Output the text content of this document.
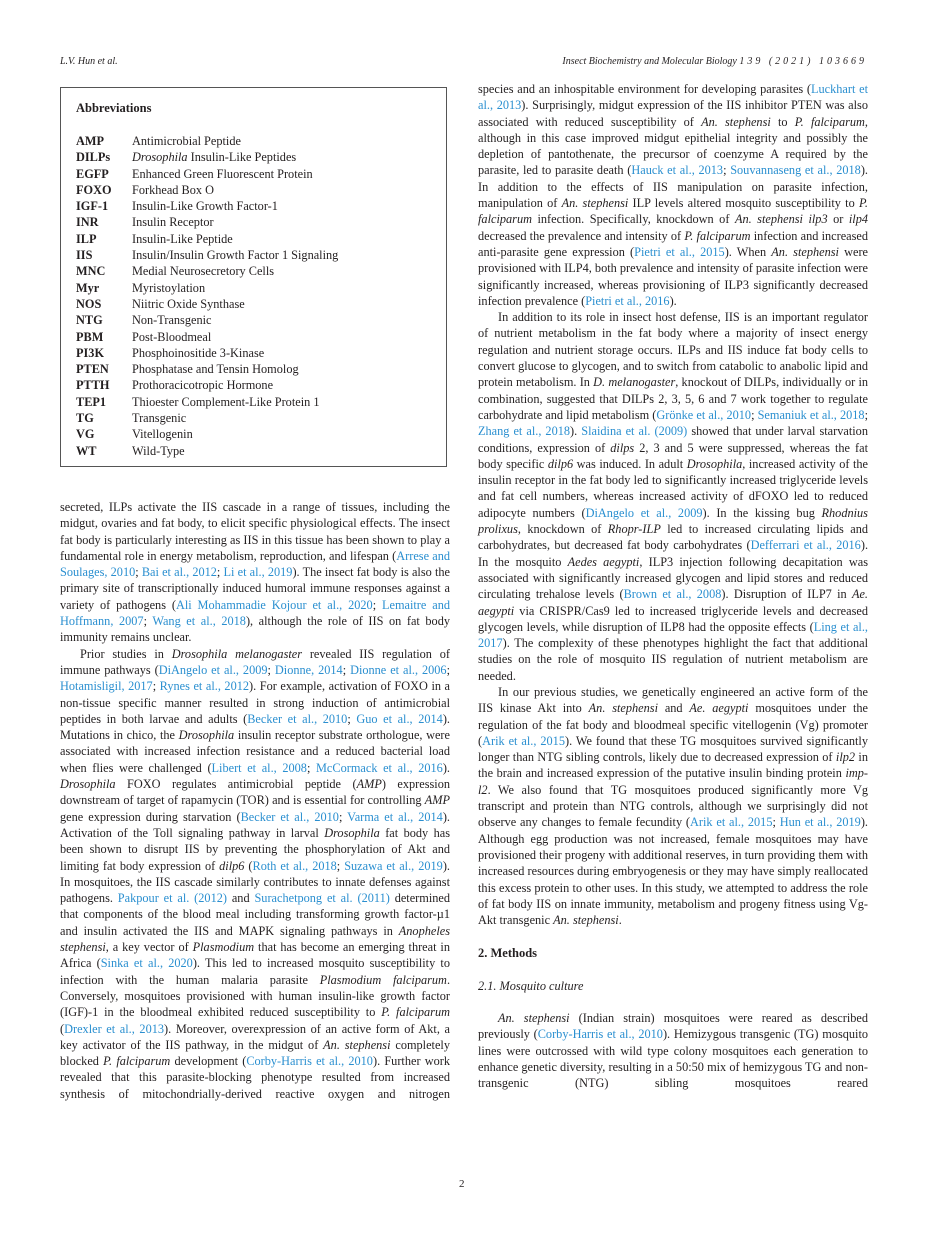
L.V. Hun et al.	Insect Biochemistry and Molecular Biology 139 (2021) 103669
Abbreviations
AMP	Antimicrobial Peptide
DILPs	Drosophila Insulin-Like Peptides
EGFP	Enhanced Green Fluorescent Protein
FOXO	Forkhead Box O
IGF-1	Insulin-Like Growth Factor-1
INR	Insulin Receptor
ILP	Insulin-Like Peptide
IIS	Insulin/Insulin Growth Factor 1 Signaling
MNC	Medial Neurosecretory Cells
Myr	Myristoylation
NOS	Niitric Oxide Synthase
NTG	Non-Transgenic
PBM	Post-Bloodmeal
PI3K	Phosphoinositide 3-Kinase
PTEN	Phosphatase and Tensin Homolog
PTTH	Prothoracicotropic Hormone
TEP1	Thioester Complement-Like Protein 1
TG	Transgenic
VG	Vitellogenin
WT	Wild-Type

secreted, ILPs activate the IIS cascade in a range of tissues, including the midgut, ovaries and fat body, to elicit specific physiological effects. The insect fat body is particularly interesting as IIS in this tissue has been shown to play a fundamental role in energy metabolism, reproduction, and lifespan (Arrese and Soulages, 2010; Bai et al., 2012; Li et al., 2019). The insect fat body is also the primary site of transcriptionally induced humoral immune responses against a variety of pathogens (Ali Mohammadie Kojour et al., 2020; Lemaitre and Hoffmann, 2007; Wang et al., 2018), although the role of IIS on fat body immunity remains unclear.

Prior studies in Drosophila melanogaster revealed IIS regulation of immune pathways (DiAngelo et al., 2009; Dionne, 2014; Dionne et al., 2006; Hotamisligil, 2017; Rynes et al., 2012). For example, activation of FOXO in a non-tissue specific manner resulted in strong induction of antimicrobial peptides in both larvae and adults (Becker et al., 2010; Guo et al., 2014). Mutations in chico, the Drosophila insulin receptor substrate orthologue, were associated with increased infection resistance and a reduced bacterial load when flies were challenged (Libert et al., 2008; McCormack et al., 2016). Drosophila FOXO regulates antimicrobial peptide (AMP) expression downstream of target of rapamycin (TOR) and is essential for controlling AMP gene expression during starvation (Becker et al., 2010; Varma et al., 2014). Activation of the Toll signaling pathway in larval Drosophila fat body has been shown to disrupt IIS by preventing the phosphorylation of Akt and limiting fat body expression of dilp6 (Roth et al., 2018; Suzawa et al., 2019). In mosquitoes, the IIS cascade similarly contributes to innate defenses against pathogens. Pakpour et al. (2012) and Surachetpong et al. (2011) determined that components of the blood meal including transforming growth factor-µ1 and insulin activated the IIS and MAPK signaling pathways in Anopheles stephensi, a key vector of Plasmodium that has become an emerging threat in Africa (Sinka et al., 2020). This led to increased mosquito susceptibility to infection with the human malaria parasite Plasmodium falciparum. Conversely, mosquitoes provisioned with human insulin-like growth factor (IGF)-1 in the bloodmeal exhibited reduced susceptibility to P. falciparum (Drexler et al., 2013). Moreover, overexpression of an active form of Akt, a key activator of the IIS pathway, in the midgut of An. stephensi completely blocked P. falciparum development (Corby-Harris et al., 2010). Further work revealed that this parasite-blocking phenotype resulted from increased synthesis of mitochondrially-derived reactive oxygen and nitrogen

species and an inhospitable environment for developing parasites (Luckhart et al., 2013). Surprisingly, midgut expression of the IIS inhibitor PTEN was also associated with reduced susceptibility of An. stephensi to P. falciparum, although in this case improved midgut epithelial integrity and possibly the depletion of pantothenate, the precursor of coenzyme A required by the parasite, led to parasite death (Hauck et al., 2013; Souvannaseng et al., 2018). In addition to the effects of IIS manipulation on parasite infection, manipulation of An. stephensi ILP levels altered mosquito susceptibility to P. falciparum infection. Specifically, knockdown of An. stephensi ilp3 or ilp4 decreased the prevalence and intensity of P. falciparum infection and increased anti-parasite gene expression (Pietri et al., 2015). When An. stephensi were provisioned with ILP4, both prevalence and intensity of parasite infection were significantly increased, whereas provisioning of ILP3 significantly decreased infection prevalence (Pietri et al., 2016).

In addition to its role in insect host defense, IIS is an important regulator of nutrient metabolism in the fat body where a majority of insect energy regulation and nutrient storage occurs. ILPs and IIS induce fat body cells to convert glucose to glycogen, and to switch from catabolic to anabolic lipid and protein metabolism. In D. melanogaster, knockout of DILPs, individually or in combination, suggested that DILPs 2, 3, 5, 6 and 7 work together to regulate carbohydrate and lipid metabolism (Grönke et al., 2010; Semaniuk et al., 2018; Zhang et al., 2018). Slaidina et al. (2009) showed that under larval starvation conditions, expression of dilps 2, 3 and 5 were suppressed, whereas the fat body specific dilp6 was induced. In adult Drosophila, increased activity of the insulin receptor in the fat body led to significantly increased triglyceride levels and fat cell numbers, whereas increased activity of dFOXO led to reduced adipocyte numbers (DiAngelo et al., 2009). In the kissing bug Rhodnius prolixus, knockdown of Rhopr-ILP led to increased circulating lipids and carbohydrates, but decreased fat body carbohydrates (Defferrari et al., 2016). In the mosquito Aedes aegypti, ILP3 injection following decapitation was associated with significantly increased glycogen and lipid stores and reduced circulating trehalose levels (Brown et al., 2008). Disruption of ILP7 in Ae. aegypti via CRISPR/Cas9 led to increased triglyceride levels and decreased glycogen levels, while disruption of ILP8 had the opposite effects (Ling et al., 2017). The complexity of these phenotypes highlight the fact that additional studies on the role of mosquito IIS regulation of nutrient metabolism are needed.

In our previous studies, we genetically engineered an active form of the IIS kinase Akt into An. stephensi and Ae. aegypti mosquitoes under the regulation of the fat body and bloodmeal specific vitellogenin (Vg) promoter (Arik et al., 2015). We found that these TG mosquitoes survived significantly longer than NTG sibling controls, likely due to decreased expression of ilp2 in the brain and increased expression of the putative insulin binding protein imp-l2. We also found that TG mosquitoes produced significantly more Vg transcript and protein than NTG controls, although we surprisingly did not observe any changes to female fecundity (Arik et al., 2015; Hun et al., 2019). Although egg production was not increased, female mosquitoes may have provisioned their progeny with additional reserves, in turn providing them with increased resources during embryogenesis or they may have simply reallocated this excess protein to other uses. In this study, we attempted to address the role of fat body IIS on innate immunity, metabolism and progeny fitness using Vg-Akt transgenic An. stephensi.

2. Methods
2.1. Mosquito culture

An. stephensi (Indian strain) mosquitoes were reared as described previously (Corby-Harris et al., 2010). Hemizygous transgenic (TG) mosquito lines were outcrossed with wild type colony mosquitoes each generation to enhance genetic diversity, resulting in a 50:50 mix of hemizygous TG and non-transgenic (NTG) sibling mosquitoes reared

2
